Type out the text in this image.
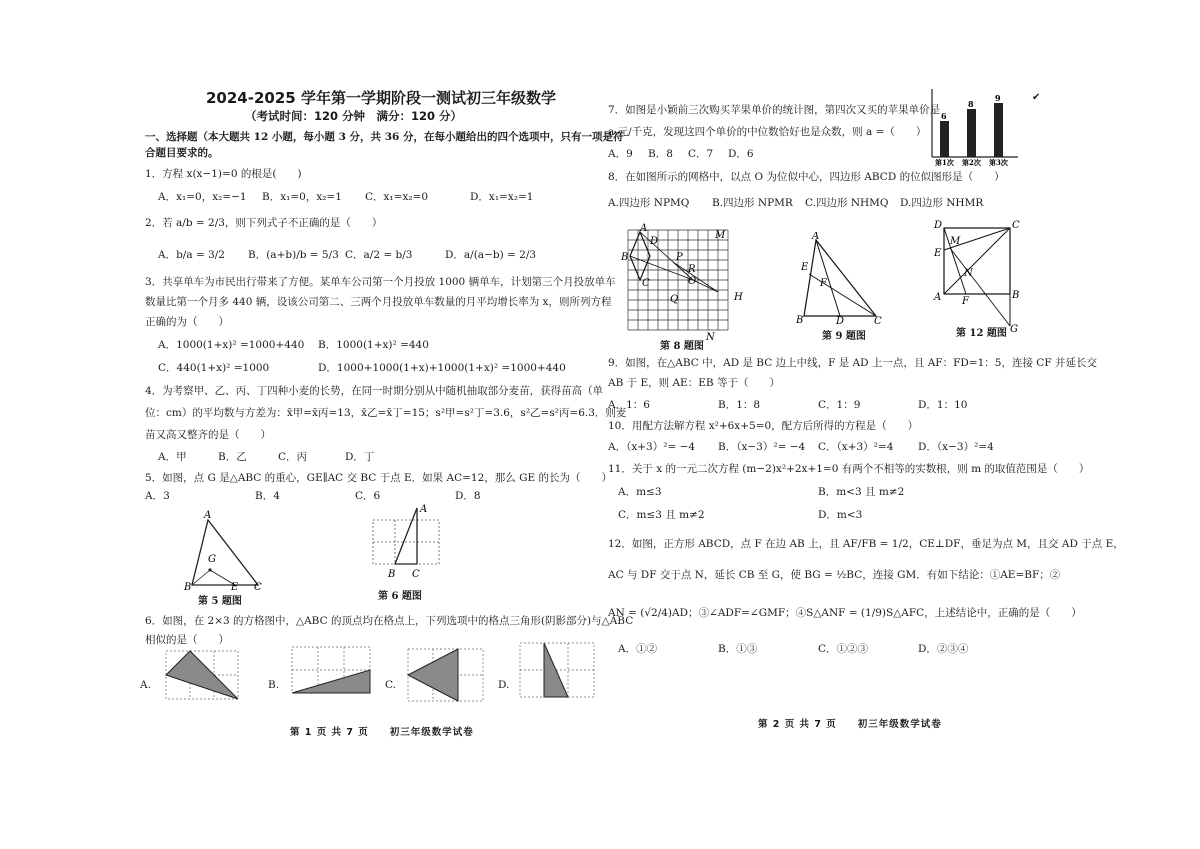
2024-2025 学年第一学期阶段一测试初三年级数学
（考试时间：120 分钟　满分：120 分）
一、选择题（本大题共 12 小题，每小题 3 分，共 36 分，在每小题给出的四个选项中，只有一项是符
合题目要求的。
1．方程 x(x−1)=0 的根是(　　)
A．x₁=0，x₂=−1 B．x₁=0，x₂=1 C．x₁=x₂=0	D．x₁=x₂=1
2．若 a/b = 2/3，则下列式子不正确的是（　　）
A．b/a = 3/2 B．(a+b)/b = 5/3 C．a/2 = b/3	D．a/(a−b) = 2/3
3．共享单车为市民出行带来了方便。某单车公司第一个月投放 1000 辆单车，计划第三个月投放单车
数量比第一个月多 440 辆，设该公司第二、三两个月投放单车数量的月平均增长率为 x，则所列方程
正确的为（　　）
A．1000(1+x)² =1000+440 B．1000(1+x)² =440
C．440(1+x)² =1000	D．1000+1000(1+x)+1000(1+x)² =1000+440
4．为考察甲、乙、丙、丁四种小麦的长势，在同一时期分别从中随机抽取部分麦苗，获得苗高（单
位：cm）的平均数与方差为：x̄甲=x̄丙=13，x̄乙=x̄丁=15；s²甲=s²丁=3.6，s²乙=s²丙=6.3．则麦
苗又高又整齐的是（　　）
A．甲	B．乙	C．丙	D．丁
5．如图，点 G 是△ABC 的重心，GE∥AC 交 BC 于点 E．如果 AC=12，那么 GE 的长为（　　）
A．3	B．4	C．6	D．8
A
B	C
G
E
第 5 题图
A
B C
第 6 题图
6．如图，在 2×3 的方格图中，△ABC 的顶点均在格点上，下列选项中的格点三角形(阴影部分)与△ABC
相似的是（　　）
A.	B.	C.	D.
第 1 页 共 7 页　　初三年级数学试卷
7．如图是小颖前三次购买苹果单价的统计图，第四次又买的苹果单价是
a 元/千克，发现这四个单价的中位数恰好也是众数，则 a =（　　）
A．9 B．8 C．7 D．6
6
第1次
8
第2次
9
第3次
✔
8．在如图所示的网格中，以点 O 为位似中心，四边形 ABCD 的位似图形是（　　）
A.四边形 NPMQ B.四边形 NPMR C.四边形 NHMQ D.四边形 NHMR
A
B
C
D
M
N
O
P
Q
R
H
第 8 题图
A
B	C
D
E
F
第 9 题图
D	C
A	B
E
F
G
M
N
第 12 题图
9．如图，在△ABC 中，AD 是 BC 边上中线，F 是 AD 上一点，且 AF：FD=1：5，连接 CF 并延长交
AB 于 E，则 AE：EB 等于（　　）
A．1：6	B．1：8	C．1：9	D．1：10
10．用配方法解方程 x²+6x+5=0，配方后所得的方程是（　　）
A．（x+3）²= −4 B．（x−3）²= −4 C．（x+3）²=4 D．（x−3）²=4
11．关于 x 的一元二次方程 (m−2)x²+2x+1=0 有两个不相等的实数根，则 m 的取值范围是（　　）
A．m≤3	B．m<3 且 m≠2
C．m≤3 且 m≠2	D．m<3
12．如图，正方形 ABCD，点 F 在边 AB 上，且 AF/FB = 1/2，CE⊥DF，垂足为点 M，且交 AD 于点 E，
AC 与 DF 交于点 N，延长 CB 至 G，使 BG = ½BC，连接 GM．有如下结论：①AE=BF；②
AN = (√2/4)AD；③∠ADF=∠GMF；④S△ANF = (1/9)S△AFC，上述结论中，正确的是（　　）
A．①②	B．①③	C．①②③	D．②③④
第 2 页 共 7 页　　初三年级数学试卷
